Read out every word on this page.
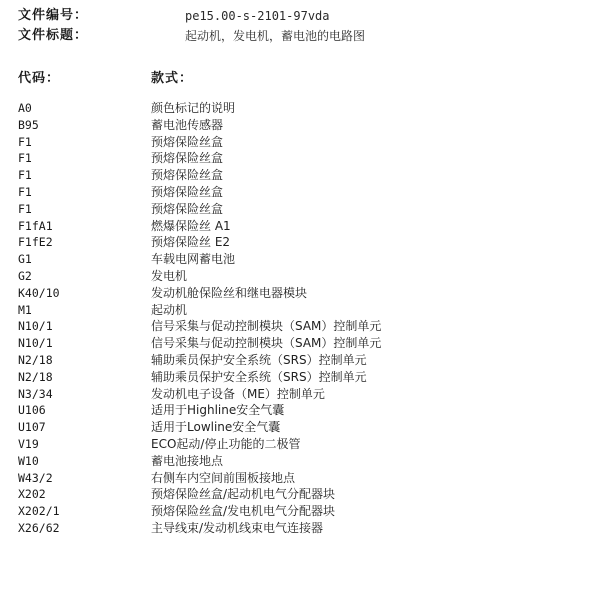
文件编号：	pe15.00-s-2101-97vda
文件标题：	起动机，发电机，蓄电池的电路图
代码：	款式：
A0	颜色标记的说明
B95	蓄电池传感器
F1	预熔保险丝盒
F1	预熔保险丝盒
F1	预熔保险丝盒
F1	预熔保险丝盒
F1	预熔保险丝盒
F1fA1	燃爆保险丝 A1
F1fE2	预熔保险丝 E2
G1	车载电网蓄电池
G2	发电机
K40/10	发动机舱保险丝和继电器模块
M1	起动机
N10/1	信号采集与促动控制模块（SAM）控制单元
N10/1	信号采集与促动控制模块（SAM）控制单元
N2/18	辅助乘员保护安全系统（SRS）控制单元
N2/18	辅助乘员保护安全系统（SRS）控制单元
N3/34	发动机电子设备（ME）控制单元
U106	适用于Highline安全气囊
U107	适用于Lowline安全气囊
V19	ECO起动/停止功能的二极管
W10	蓄电池接地点
W43/2	右侧车内空间前围板接地点
X202	预熔保险丝盒/起动机电气分配器块
X202/1	预熔保险丝盒/发电机电气分配器块
X26/62	主导线束/发动机线束电气连接器
